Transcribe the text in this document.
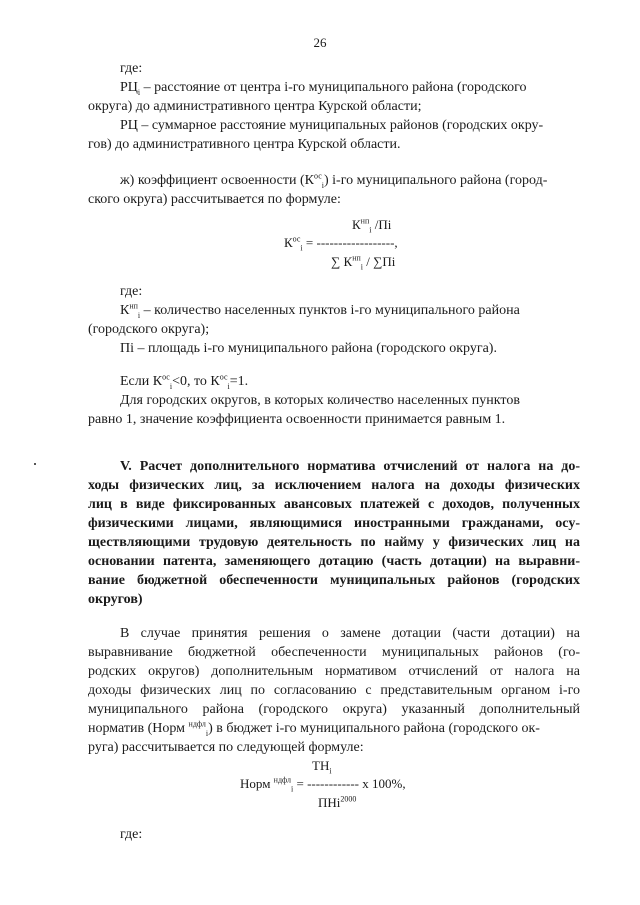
26
где:
$РЦ_i$ – расстояние от центра i-го муниципального района (городского
округа) до административного центра Курской области;
РЦ – суммарное расстояние муниципальных районов (городских окру-
гов) до административного центра Курской области.
ж) коэффициент освоенности $(К^{ос}_i)$ i-го муниципального района (город-
ского округа) рассчитывается по формуле:
$К^{нп}_i$ /Пi
$К^{ос}_i$ = ------------------,
∑ $К^{нп}_i / \sum Пi$
где:
$К^{нп}_i$ – количество населенных пунктов i-го муниципального района
(городского округа);
Пi – площадь i-го муниципального района (городского округа).
Если $К^{ос}_i<0$, то $К^{ос}_i=1$.
Для городских округов, в которых количество населенных пунктов
равно 1, значение коэффициента освоенности принимается равным 1.
V. Расчет дополнительного норматива отчислений от налога на до-
ходы физических лиц, за исключением налога на доходы физических
лиц в виде фиксированных авансовых платежей с доходов, полученных
физическими лицами, являющимися иностранными гражданами, осу-
ществляющими трудовую деятельность по найму у физических лиц на
основании патента, заменяющего дотацию (часть дотации) на выравни-
вание бюджетной обеспеченности муниципальных районов (городских
округов)
В случае принятия решения о замене дотации (части дотации) на
выравнивание бюджетной обеспеченности муниципальных районов (го-
родских округов) дополнительным нормативом отчислений от налога на
доходы физических лиц по согласованию с представительным органом i-го
муниципального района (городского округа) указанный дополнительный
норматив (Норм $^{ндфл}_i$) в бюджет i-го муниципального района (городского ок-
руга) рассчитывается по следующей формуле:
$ТН_i$
Норм $^{ндфл}_i$ = ------------ х 100%,
ПНi$^{2000}$
где:
